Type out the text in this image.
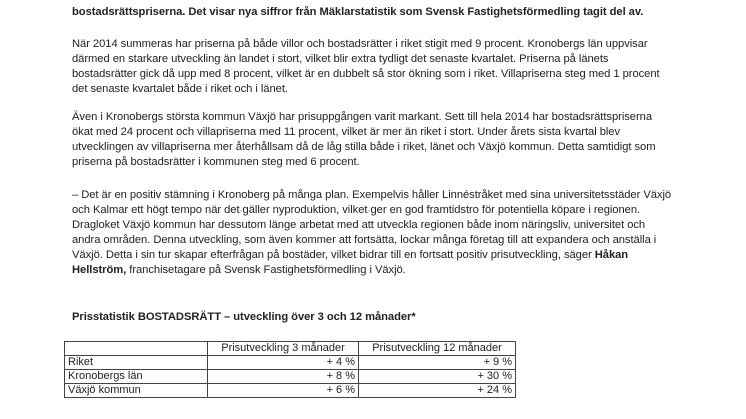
bostadsrättspriserna. Det visar nya siffror från Mäklarstatistik som Svensk Fastighetsförmedling tagit del av.

När 2014 summeras har priserna på både villor och bostadsrätter i riket stigit med 9 procent. Kronobergs län uppvisar därmed en starkare utveckling än landet i stort, vilket blir extra tydligt det senaste kvartalet. Priserna på länets bostadsrätter gick då upp med 8 procent, vilket är en dubbelt så stor ökning som i riket. Villapriserna steg med 1 procent det senaste kvartalet både i riket och i länet.

Även i Kronobergs största kommun Växjö har prisuppgången varit markant. Sett till hela 2014 har bostadsrättspriserna ökat med 24 procent och villapriserna med 11 procent, vilket är mer än riket i stort. Under årets sista kvartal blev utvecklingen av villapriserna mer återhållsam då de låg stilla både i riket, länet och Växjö kommun. Detta samtidigt som priserna på bostadsrätter i kommunen steg med 6 procent.

– Det är en positiv stämning i Kronoberg på många plan. Exempelvis håller Linnéstråket med sina universitetsstäder Växjö och Kalmar ett högt tempo när det gäller nyproduktion, vilket ger en god framtidstro för potentiella köpare i regionen. Dragloket Växjö kommun har dessutom länge arbetat med att utveckla regionen både inom näringsliv, universitet och andra områden. Denna utveckling, som även kommer att fortsätta, lockar många företag till att expandera och anställa i Växjö. Detta i sin tur skapar efterfrågan på bostäder, vilket bidrar till en fortsatt positiv prisutveckling, säger Håkan Hellström, franchisetagare på Svensk Fastighetsförmedling i Växjö.

Prisstatistik BOSTADSRÄTT – utveckling över 3 och 12 månader*

	Prisutveckling 3 månader	Prisutveckling 12 månader
Riket	+ 4 %	+ 9 %
Kronobergs län	+ 8 %	+ 30 %
Växjö kommun	+ 6 %	+ 24 %
